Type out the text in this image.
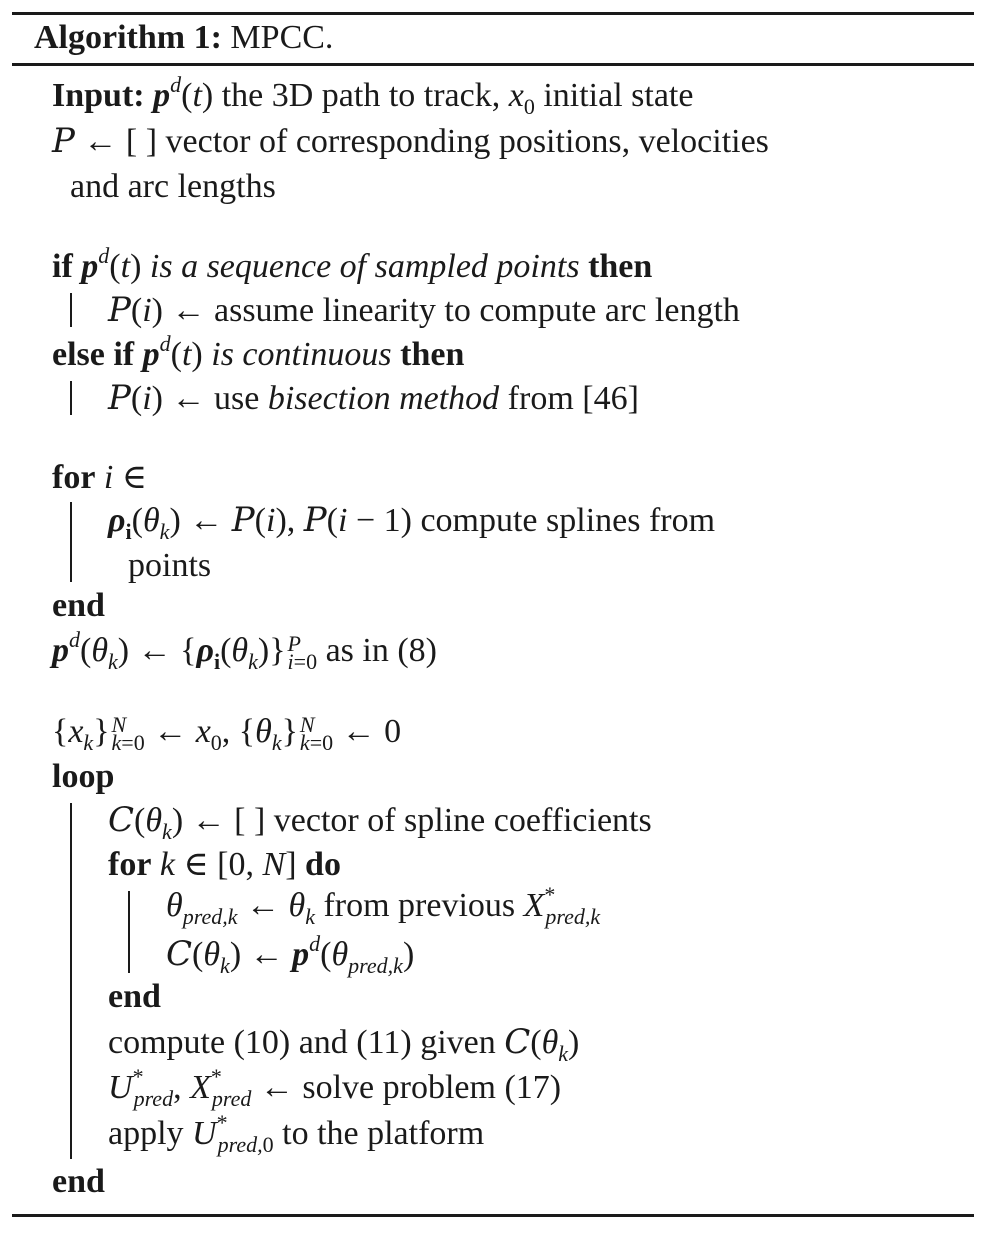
Algorithm 1: MPCC.
Input: $p^d(t)$ the 3D path to track, $x_0$ initial state
P ← [ ] vector of corresponding positions, velocities
and arc lengths
if $p^d(t)$ is a sequence of sampled points then
P(i) ← assume linearity to compute arc length
else if $p^d(t)$ is continuous then
P(i) ← use bisection method from [46]
for i ∈
$\rho_i(\theta_k)$ ← P(i), P(i − 1) compute splines from
points
end
$p^d(\theta_k)$ ← $\{\rho_i(\theta_k)\}$ P
i=0 as in (8)
$\{x_k\}$ N
k=0 ← $x_0$, $\{\theta_k\}$ N
k=0 ← 0
loop
$C(\theta_k)$ ← [ ] vector of spline coefficients
for k ∈ [0, N] do
$\theta_{pred,k}$ ← $\theta_k$ from previous $X^*_{pred,k}$
$C(\theta_k)$ ← $p^d(\theta_{pred,k})$
end
compute (10) and (11) given $C(\theta_k)$
$U^*_{pred}$, $X^*_{pred}$ ← solve problem (17)
apply $U^*_{pred,0}$ to the platform
end
